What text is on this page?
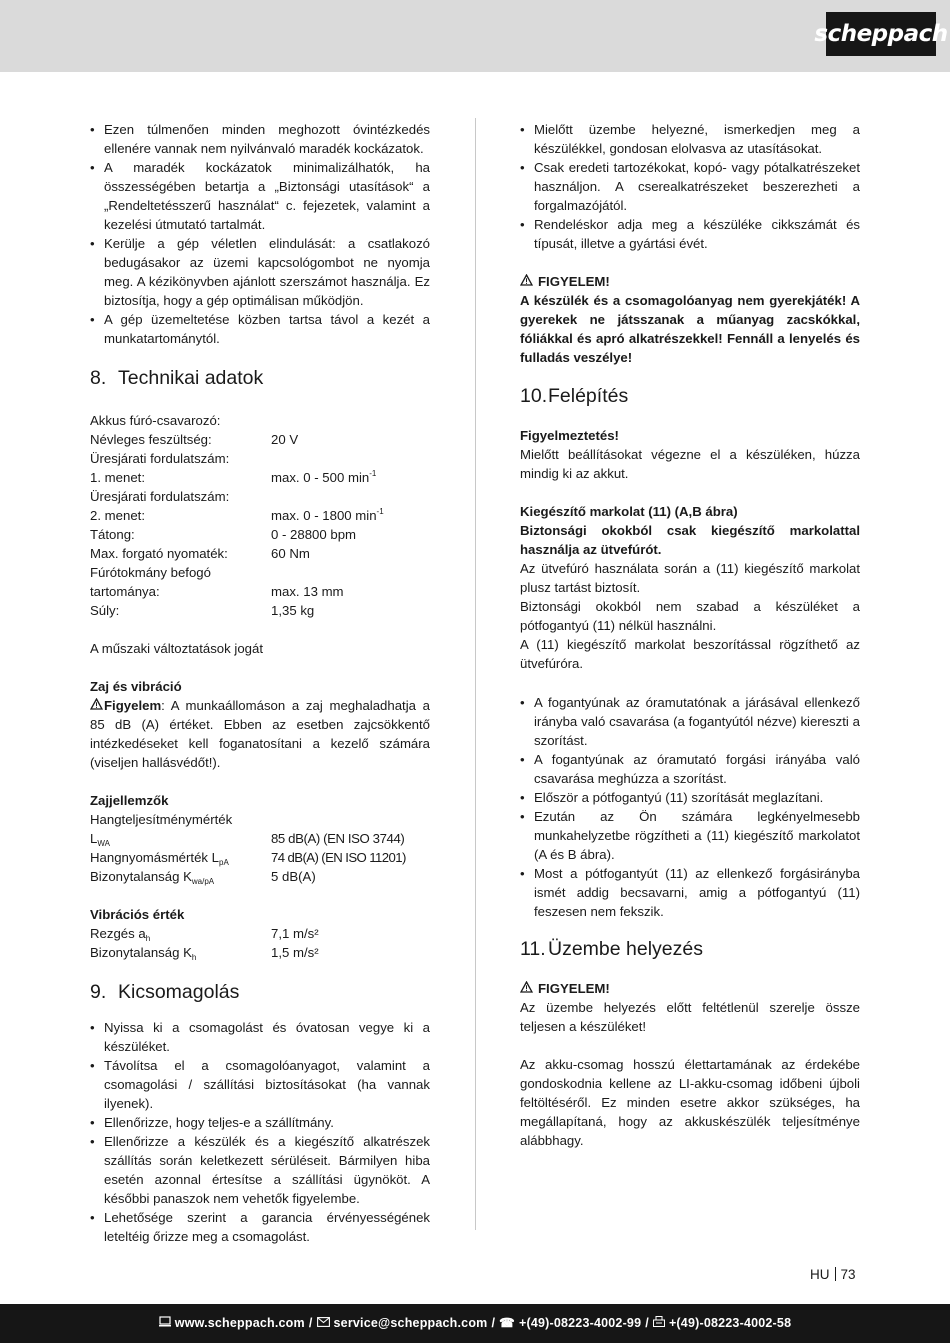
scheppach
• Ezen túlmenően minden meghozott óvintézkedés ellenére vannak nem nyilvánvaló maradék kockázatok.
• A maradék kockázatok minimalizálhatók, ha összességében betartja a „Biztonsági utasítások“ a „Rendeltetésszerű használat“ c. fejezetek, valamint a kezelési útmutató tartalmát.
• Kerülje a gép véletlen elindulását: a csatlakozó bedugásakor az üzemi kapcsológombot ne nyomja meg. A kézikönyvben ajánlott szerszámot használja. Ez biztosítja, hogy a gép optimálisan működjön.
• A gép üzemeltetése közben tartsa távol a kezét a munkatartománytól.
8. Technikai adatok

Akkus fúró-csavarozó:

Névleges feszültség:	20 V
Üresjárati fordulatszám:	
1. menet:	max. 0 - 500 $\min^{-1}$
Üresjárati fordulatszám:	
2. menet:	max. 0 - 1800 $\min^{-1}$
Tátong:	0 - 28800 bpm
Max. forgató nyomaték:	60 Nm
Fúrótokmány befogó	
tartománya:	max. 13 mm
Súly:	1,35 kg

A műszaki változtatások jogát

Zaj és vibráció

Figyelem: A munkaállomáson a zaj meghaladhatja a 85 dB (A) értéket. Ebben az esetben zajcsökkentő intézkedéseket kell foganatosítani a kezelő számára (viseljen hallásvédőt!).

Zajjellemzők

Hangteljesítménymérték	
$L_{WA}$	85 dB(A) (EN ISO 3744)
Hangnyomásmérték $L_{pA}$	74 dB(A) (EN ISO 11201)
Bizonytalanság $K_{wa/pA}$	5 dB(A)

Vibrációs érték

Rezgés $a_h$	7,1 m/s²
Bizonytalanság $K_h$	1,5 m/s²
9. Kicsomagolás
• Nyissa ki a csomagolást és óvatosan vegye ki a készüléket.
• Távolítsa el a csomagolóanyagot, valamint a csomagolási / szállítási biztosításokat (ha vannak ilyenek).
• Ellenőrizze, hogy teljes-e a szállítmány.
• Ellenőrizze a készülék és a kiegészítő alkatrészek szállítás során keletkezett sérüléseit. Bármilyen hiba esetén azonnal értesítse a szállítási ügynököt. A későbbi panaszok nem vehetők figyelembe.
• Lehetősége szerint a garancia érvényességének leteltéig őrizze meg a csomagolást.
• Mielőtt üzembe helyezné, ismerkedjen meg a készülékkel, gondosan elolvasva az utasításokat.
• Csak eredeti tartozékokat, kopó- vagy pótalkatrészeket használjon. A cserealkatrészeket beszerezheti a forgalmazójától.
• Rendeléskor adja meg a készüléke cikkszámát és típusát, illetve a gyártási évét.

FIGYELEM!

A készülék és a csomagolóanyag nem gyerekjáték! A gyerekek ne játsszanak a műanyag zacskókkal, fóliákkal és apró alkatrészekkel! Fennáll a lenyelés és fulladás veszélye!

10. Felépítés

Figyelmeztetés!

Mielőtt beállításokat végezne el a készüléken, húzza mindig ki az akkut.

Kiegészítő markolat (11) (A,B ábra)

Biztonsági okokból csak kiegészítő markolattal használja az ütvefúrót.

Az ütvefúró használata során a (11) kiegészítő markolat plusz tartást biztosít.

Biztonsági okokból nem szabad a készüléket a pótfogantyú (11) nélkül használni.

A (11) kiegészítő markolat beszorítással rögzíthető az ütvefúróra.

• A fogantyúnak az óramutatónak a járásával ellenkező irányba való csavarása (a fogantyútól nézve) kiereszti a szorítást.
• A fogantyúnak az óramutató forgási irányába való csavarása meghúzza a szorítást.
• Először a pótfogantyú (11) szorítását meglazítani.
• Ezután az Ön számára legkényelmesebb munkahelyzetbe rögzítheti a (11) kiegészítő markolatot (A és B ábra).
• Most a pótfogantyút (11) az ellenkező forgásirányba ismét addig becsavarni, amig a pótfogantyú (11) feszesen nem fekszik.
11. Üzembe helyezés

FIGYELEM!

Az üzembe helyezés előtt feltétlenül szerelje össze teljesen a készüléket!

Az akku-csomag hosszú élettartamának az érdekébe gondoskodnia kellene az LI-akku-csomag időbeni újboli feltöltéséről. Ez minden esetre akkor szükséges, ha megállapítaná, hogy az akkuskészülék teljesítménye alábbhagy.

HU 73
www.scheppach.com / service@scheppach.com / ☎ +(49)-08223-4002-99 / +(49)-08223-4002-58
